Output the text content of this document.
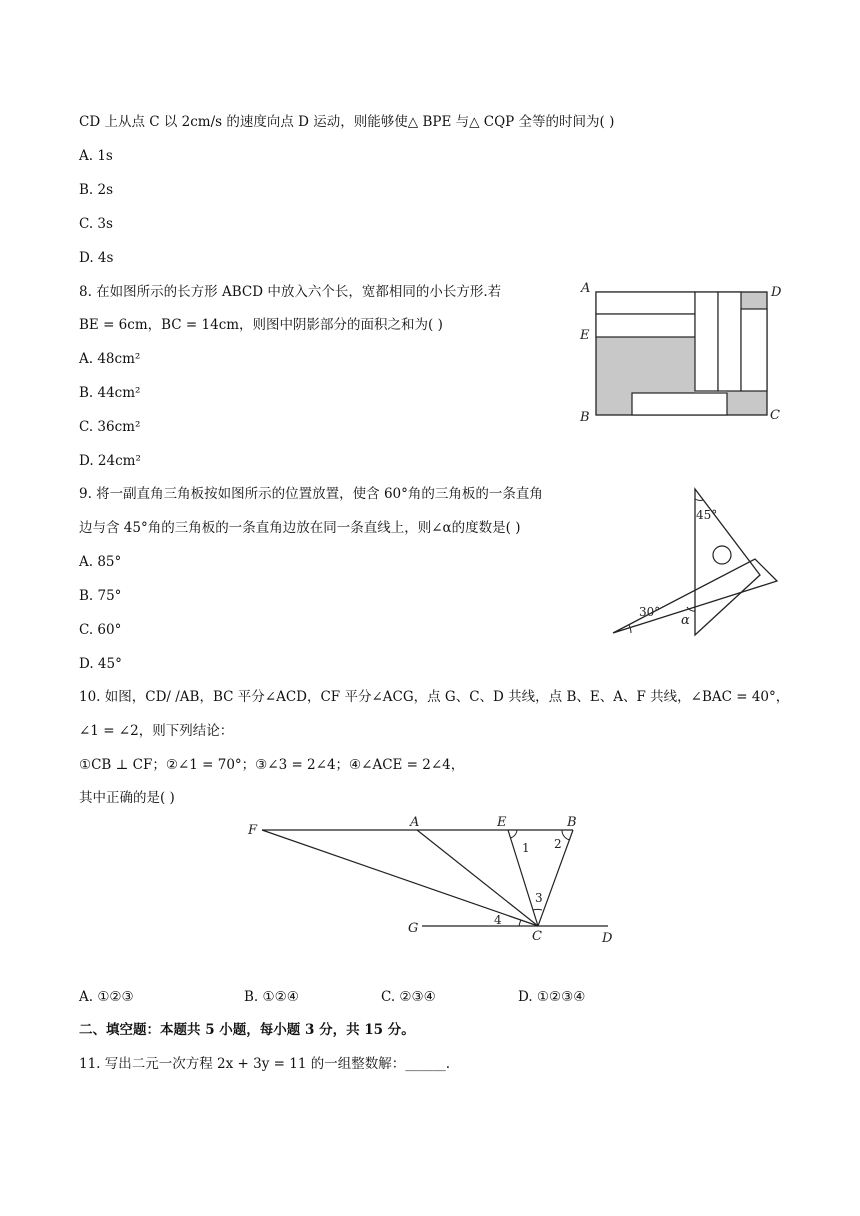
CD 上从点 C 以 2cm/s 的速度向点 D 运动，则能够使△ BPE 与△ CQP 全等的时间为( )
A. 1s
B. 2s
C. 3s
D. 4s
8. 在如图所示的长方形 ABCD 中放入六个长，宽都相同的小长方形.若
BE = 6cm，BC = 14cm，则图中阴影部分的面积之和为( )
A. 48cm²
B. 44cm²
C. 36cm²
D. 24cm²
A	D
E
B	C
9. 将一副直角三角板按如图所示的位置放置，使含 60°角的三角板的一条直角
边与含 45°角的三角板的一条直角边放在同一条直线上，则∠α的度数是( )
A. 85°
B. 75°
C. 60°
D. 45°
45°
30°
α
10. 如图，CD/ /AB，BC 平分∠ACD，CF 平分∠ACG，点 G、C、D 共线，点 B、E、A、F 共线，∠BAC = 40°，
∠1 = ∠2，则下列结论：
①CB ⊥ CF；②∠1 = 70°；③∠3 = 2∠4；④∠ACE = 2∠4，
其中正确的是( )
F
A	E	B
G
C	D
1 2
3
4
A. ①②③	B. ①②④	C. ②③④	D. ①②③④
二、填空题：本题共 5 小题，每小题 3 分，共 15 分。
11. 写出二元一次方程 2x + 3y = 11 的一组整数解：______.
